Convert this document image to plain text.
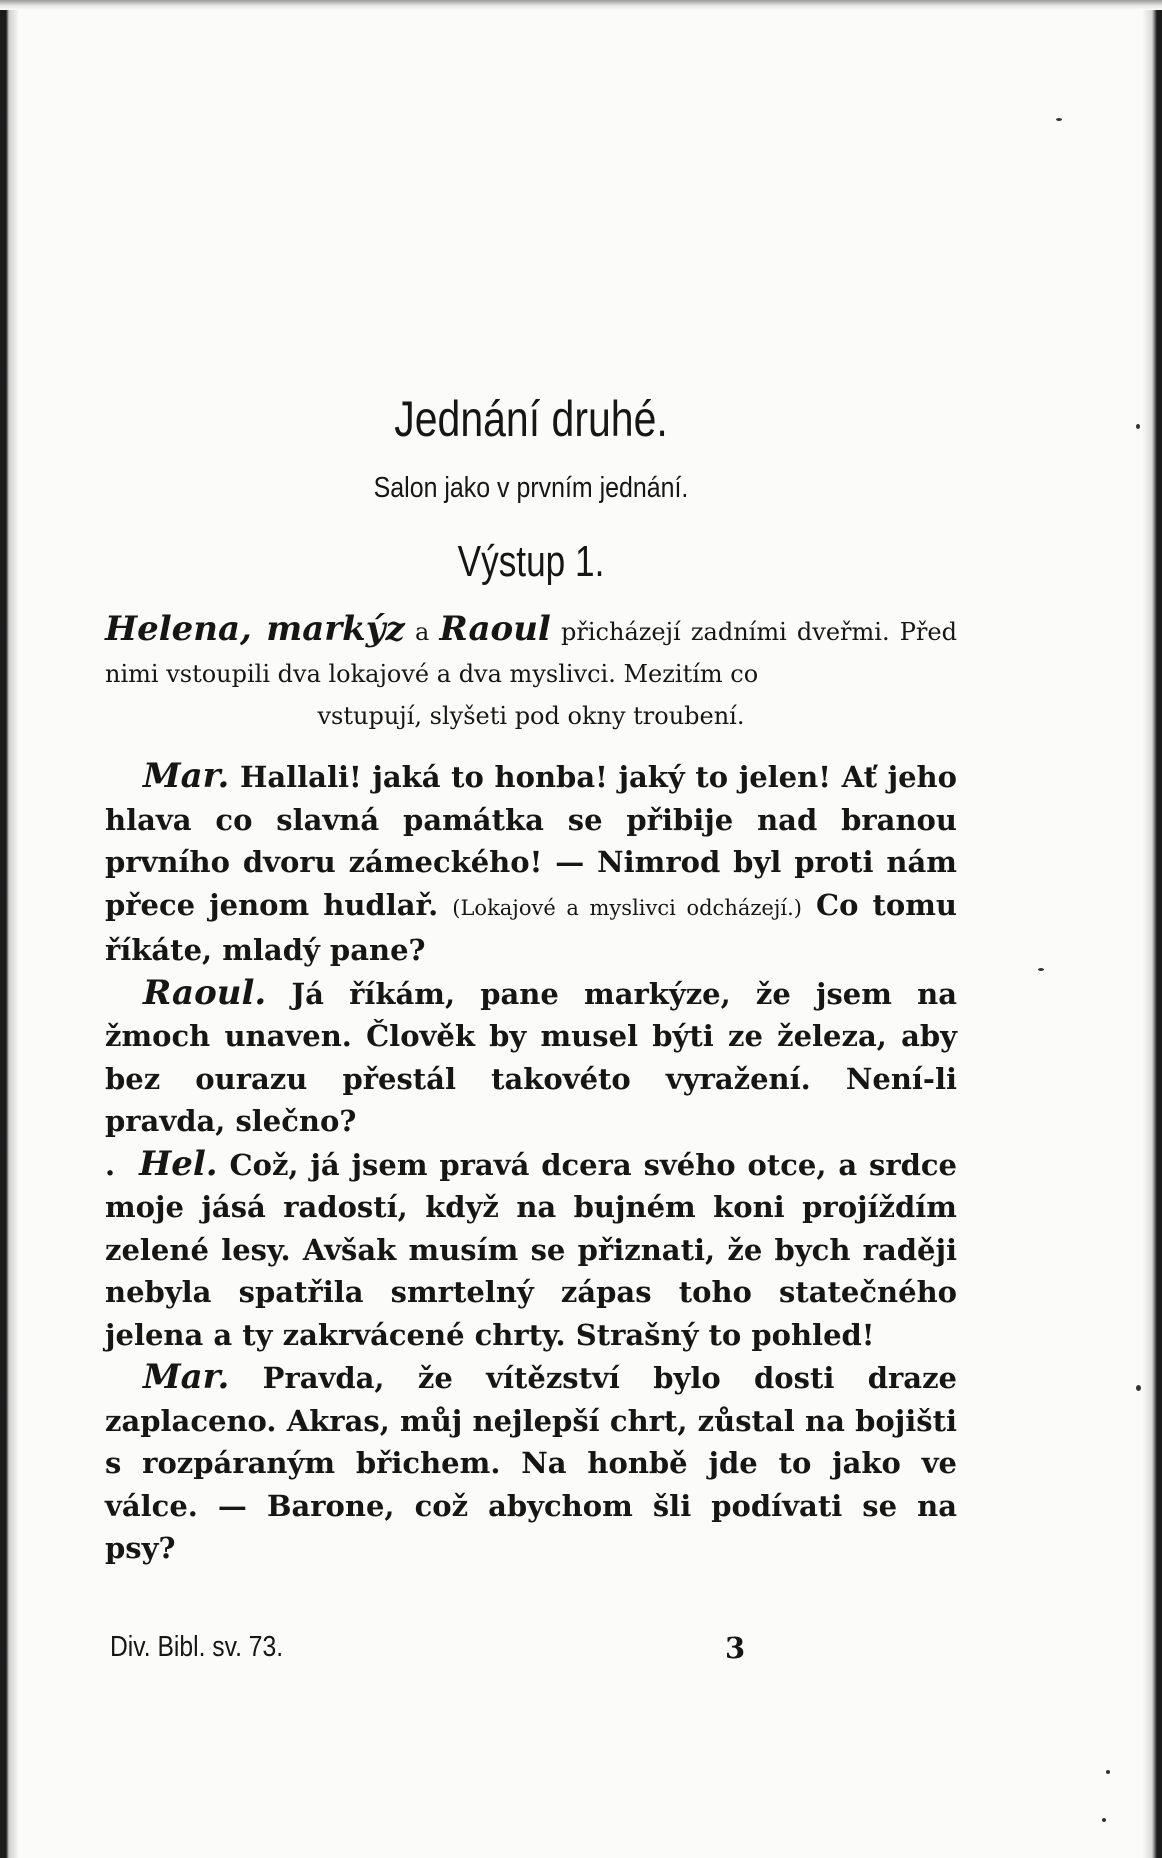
Jednání druhé.
Salon jako v prvním jednání.
Výstup 1.

Helena, markýz a Raoul přicházejí zadními dveřmi. Před nimi vstoupili dva lokajové a dva myslivci. Mezitím co
vstupují, slyšeti pod okny troubení.

Mar. Hallali! jaká to honba! jaký to jelen! Ať jeho hlava co slavná památka se přibije nad branou prvního dvoru zámeckého! — Nimrod byl proti nám přece jenom hudlař. (Lokajové a myslivci odcházejí.) Co tomu říkáte, mladý pane?

Raoul. Já říkám, pane markýze, že jsem na žmoch unaven. Člověk by musel býti ze železa, aby bez ourazu přestál takovéto vyražení. Není-li pravda, slečno?

. Hel. Což, já jsem pravá dcera svého otce, a srdce moje jásá radostí, když na bujném koni projíždím zelené lesy. Avšak musím se přiznati, že bych raději nebyla spatřila smrtelný zápas toho statečného jelena a ty zakrvácené chrty. Strašný to pohled!

Mar. Pravda, že vítězství bylo dosti draze zaplaceno. Akras, můj nejlepší chrt, zůstal na bojišti s rozpáraným břichem. Na honbě jde to jako ve válce. — Barone, což abychom šli podívati se na psy?

Div. Bibl. sv. 73.	3
